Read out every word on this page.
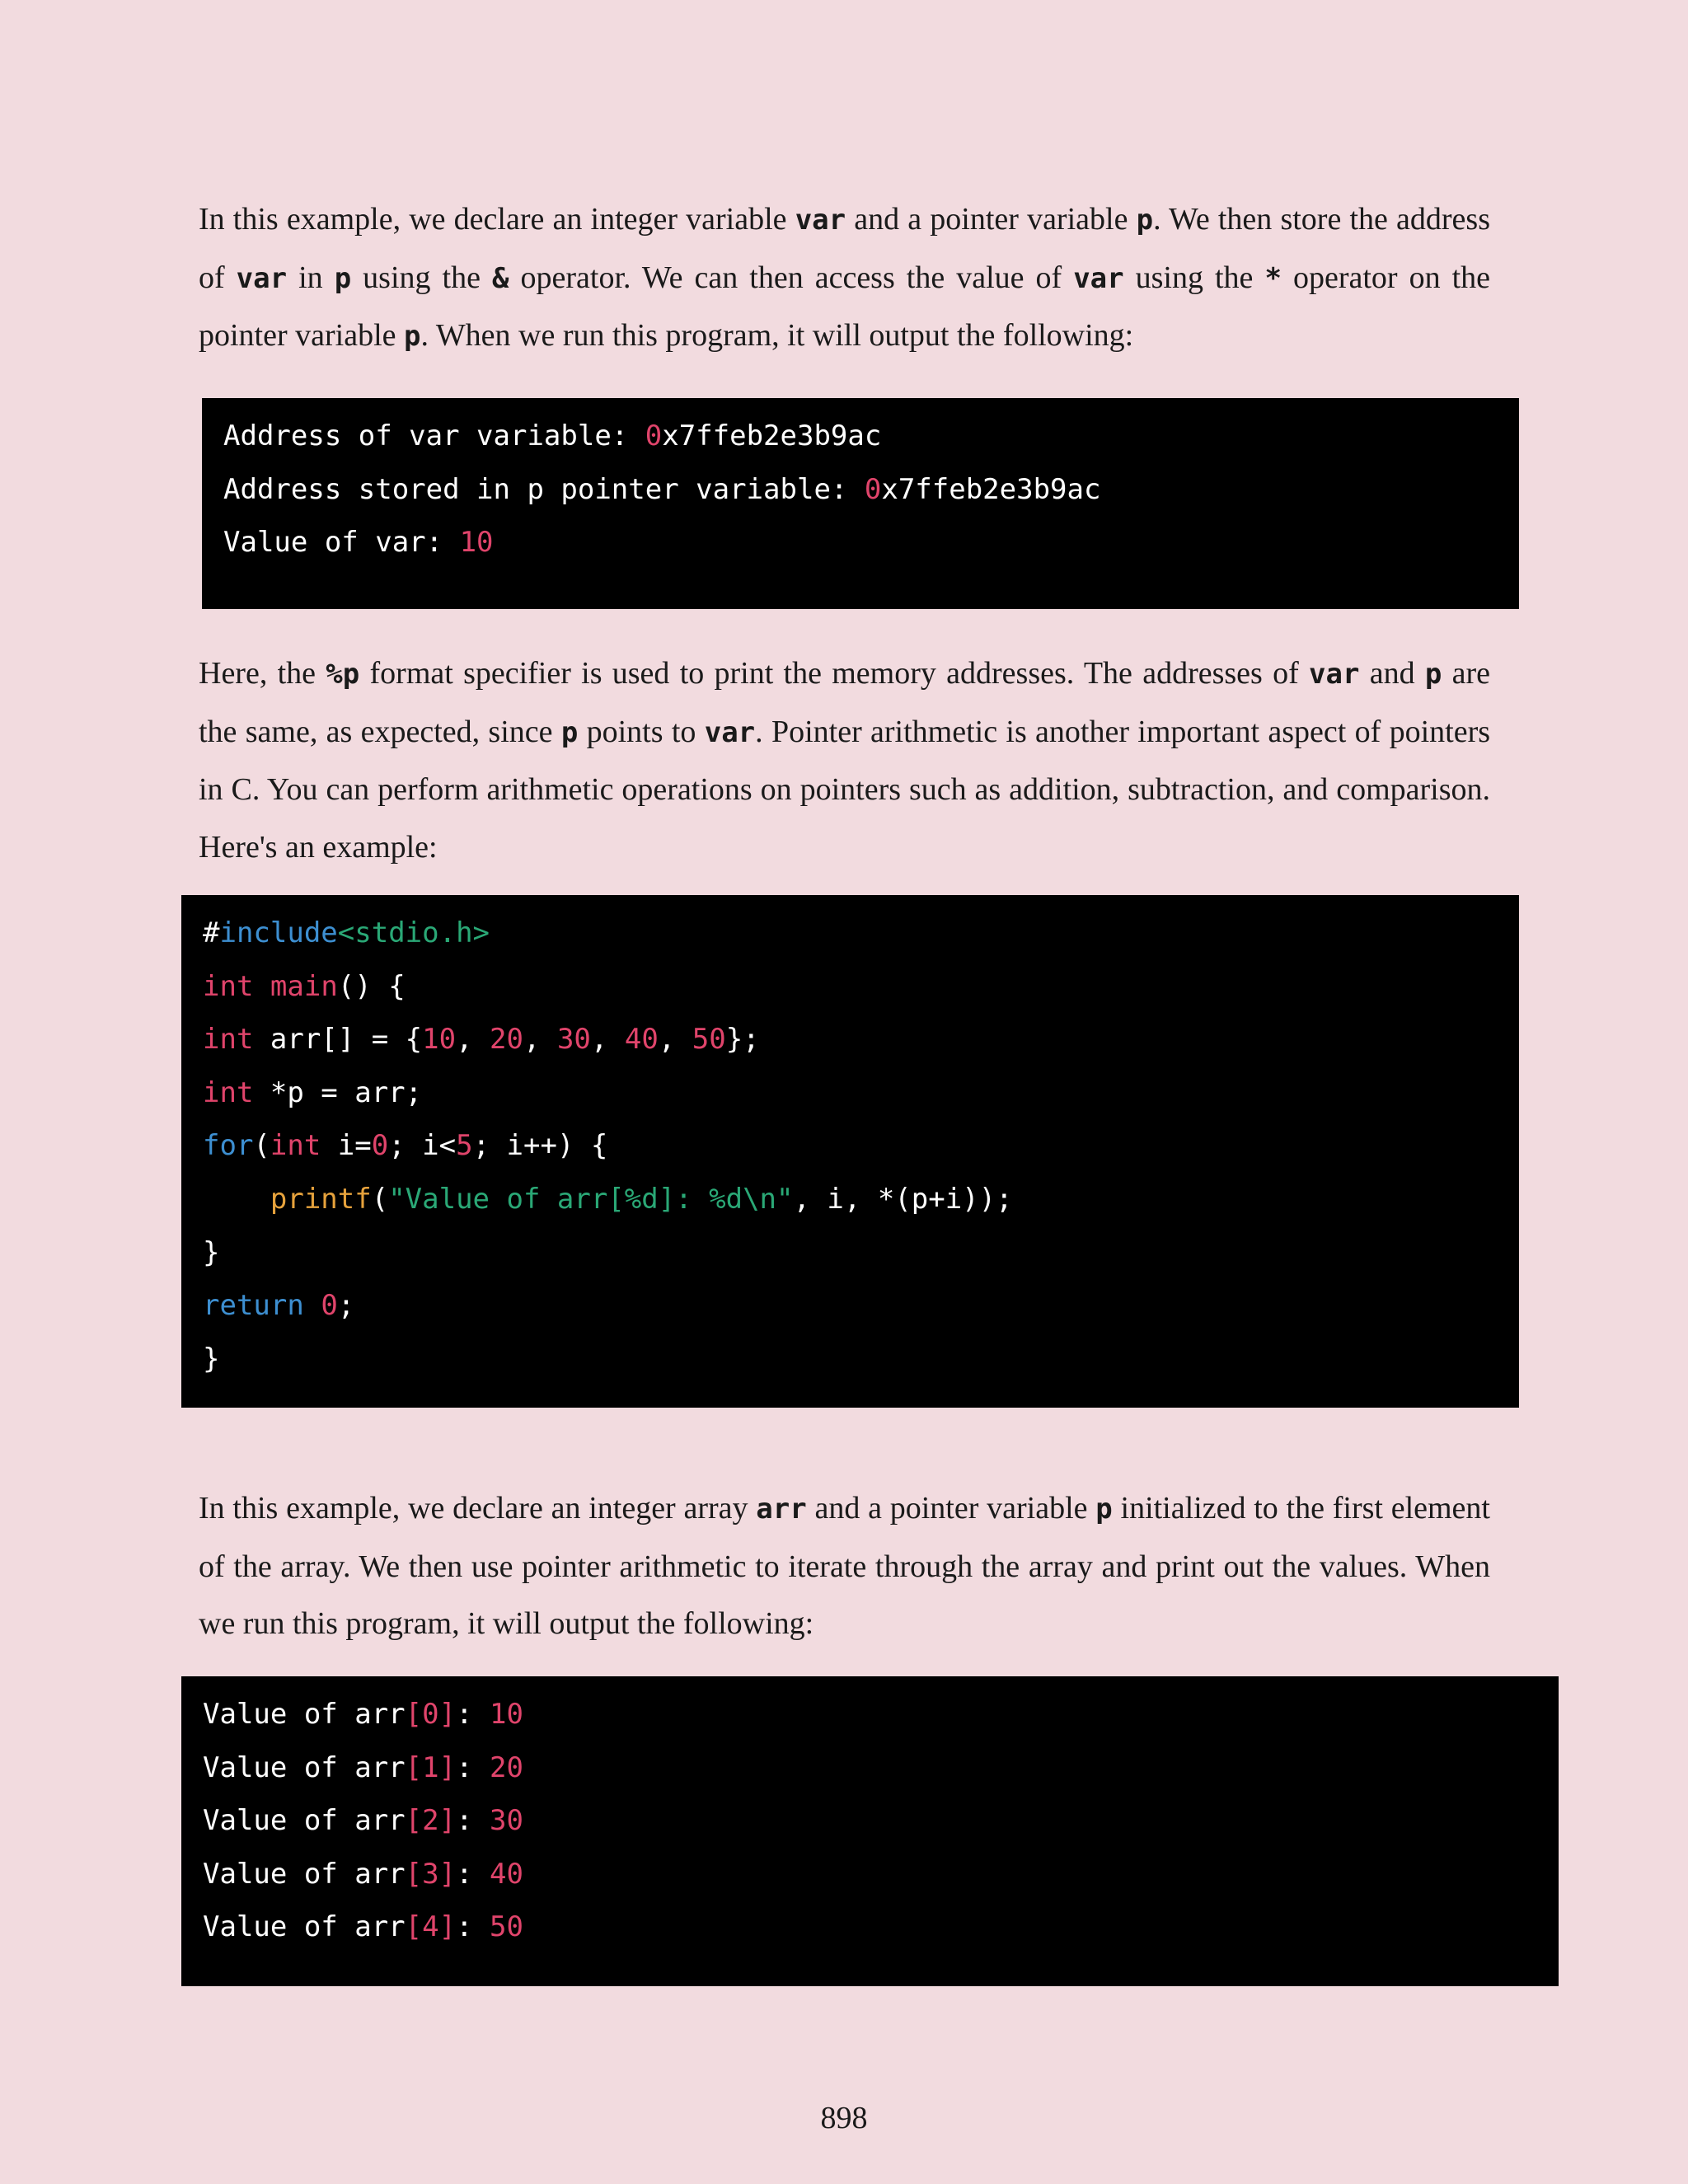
In this example, we declare an integer variable var and a pointer variable p. We then store the address of var in p using the & operator. We can then access the value of var using the * operator on the pointer variable p. When we run this program, it will output the following:

Address of var variable: 0x7ffeb2e3b9ac
Address stored in p pointer variable: 0x7ffeb2e3b9ac
Value of var: 10

Here, the %p format specifier is used to print the memory addresses. The addresses of var and p are the same, as expected, since p points to var. Pointer arithmetic is another important aspect of pointers in C. You can perform arithmetic operations on pointers such as addition, subtraction, and comparison. Here's an example:

#include<stdio.h>
int main() {
int arr[] = {10, 20, 30, 40, 50};
int *p = arr;
for(int i=0; i<5; i++) {
printf("Value of arr[%d]: %d\n", i, *(p+i));
}
return 0;
}

In this example, we declare an integer array arr and a pointer variable p initialized to the first element of the array. We then use pointer arithmetic to iterate through the array and print out the values. When we run this program, it will output the following:

Value of arr[0]: 10
Value of arr[1]: 20
Value of arr[2]: 30
Value of arr[3]: 40
Value of arr[4]: 50
898
